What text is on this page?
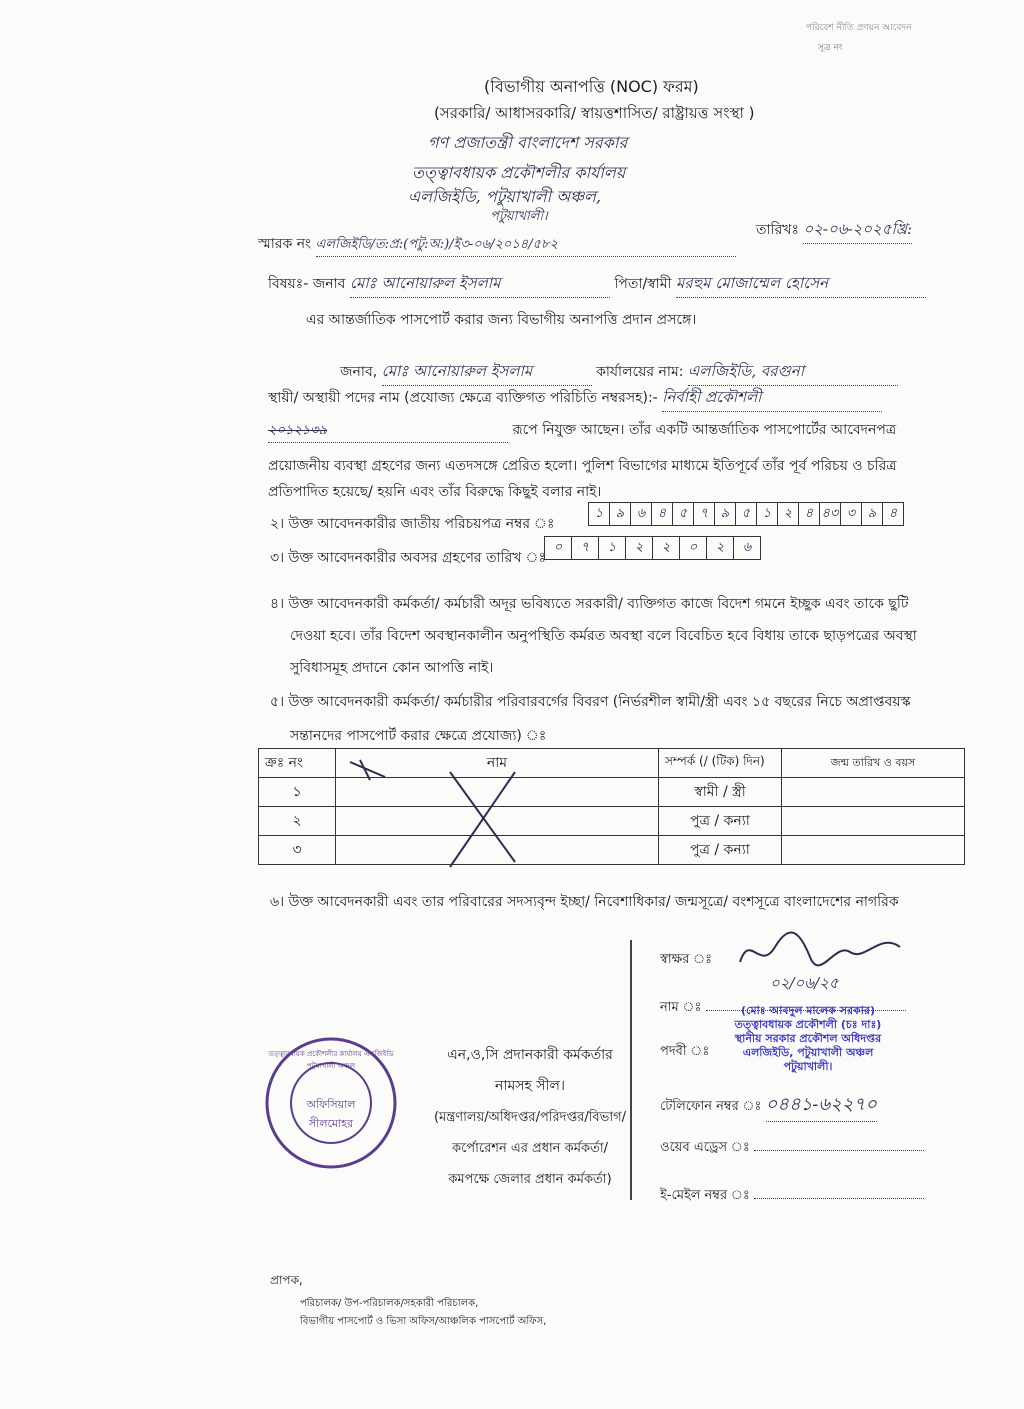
পরিবেশ নীতি প্রণয়ন আবেদন
সূত্র নং
(বিভাগীয় অনাপত্তি (NOC) ফরম)
(সরকারি/ আধাসরকারি/ স্বায়ত্তশাসিত/ রাষ্ট্রায়ত্ত সংস্থা )
গণ প্রজাতন্ত্রী বাংলাদেশ সরকার
তত্ত্বাবধায়ক প্রকৌশলীর কার্যালয়
এলজিইডি, পটুয়াখালী অঞ্চল,
পটুয়াখালী।
স্মারক নং এলজিইডি/ত:প্র:(পটু:অ:)/ই৩-০৬/২০১৪/৫৮২
তারিখঃ ০২-০৬-২০২৫খ্রি:
বিষয়ঃ- জনাব মোঃ আনোয়ারুল ইসলাম	পিতা/স্বামী মরহুম মোজাম্মেল হোসেন
এর আন্তর্জাতিক পাসপোর্ট করার জন্য বিভাগীয় অনাপত্তি প্রদান প্রসঙ্গে।
জনাব, মোঃ আনোয়ারুল ইসলাম	কার্যালয়ের নাম: এলজিইডি, বরগুনা
স্থায়ী/ অস্থায়ী পদের নাম (প্রযোজ্য ক্ষেত্রে ব্যক্তিগত পরিচিতি নম্বরসহ):- নির্বাহী প্রকৌশলী
২০১২১৩৯	রূপে নিযুক্ত আছেন। তাঁর একটি আন্তর্জাতিক পাসপোর্টের আবেদনপত্র
প্রয়োজনীয় ব্যবস্থা গ্রহণের জন্য এতদসঙ্গে প্রেরিত হলো। পুলিশ বিভাগের মাধ্যমে ইতিপূর্বে তাঁর পূর্ব পরিচয় ও চরিত্র
প্রতিপাদিত হয়েছে/ হয়নি এবং তাঁর বিরুদ্ধে কিছুই বলার নাই।
২। উক্ত আবেদনকারীর জাতীয় পরিচয়পত্র নম্বর ঃ
১ ৯ ৬ ৪ ৫ ৭ ৯ ৫ ১ ২ ৪ ৪৩ ৩ ৯ ৪
৩। উক্ত আবেদনকারীর অবসর গ্রহণের তারিখ ঃ
০	৭	১	২	২	০	২	৬
৪। উক্ত আবেদনকারী কর্মকর্তা/ কর্মচারী অদূর ভবিষ্যতে সরকারী/ ব্যক্তিগত কাজে বিদেশ গমনে ইচ্ছুক এবং তাকে ছুটি
দেওয়া হবে। তাঁর বিদেশ অবস্থানকালীন অনুপস্থিতি কর্মরত অবস্থা বলে বিবেচিত হবে বিধায় তাকে ছাড়পত্রের অবস্থা
সুবিধাসমূহ প্রদানে কোন আপত্তি নাই।
৫। উক্ত আবেদনকারী কর্মকর্তা/ কর্মচারীর পরিবারবর্গের বিবরণ (নির্ভরশীল স্বামী/স্ত্রী এবং ১৫ বছরের নিচে অপ্রাপ্তবয়স্ক
সন্তানদের পাসপোর্ট করার ক্ষেত্রে প্রযোজ্য) ঃ
ক্রঃ নং	নাম	সম্পর্ক (/ (টিক) দিন)	জন্ম তারিখ ও বয়স
১		স্বামী / স্ত্রী	
২		পুত্র / কন্যা	
৩		পুত্র / কন্যা	
৬। উক্ত আবেদনকারী এবং তার পরিবারের সদস্যবৃন্দ ইচ্ছা/ নিবেশাধিকার/ জন্মসূত্রে/ বংশসূত্রে বাংলাদেশের নাগরিক
স্বাক্ষর ঃ
০২/০৬/২৫
নাম ঃ	(মোঃ আবদুল মালেক সরকার)
তত্ত্বাবধায়ক প্রকৌশলী (চঃ দাঃ)
স্থানীয় সরকার প্রকৌশল অধিদপ্তর
এলজিইডি, পটুয়াখালী অঞ্চল
পটুয়াখালী।
পদবী ঃ
টেলিফোন নম্বর ঃ ০৪৪১-৬২২৭০
ওয়েব এড্রেস ঃ
ই-মেইল নম্বর ঃ
তত্ত্বাবধায়ক প্রকৌশলীর কার্যালয় এলজিইডি পটুয়াখালী অঞ্চল
অফিসিয়াল সীলমোহর
এন,ও,সি প্রদানকারী কর্মকর্তার
নামসহ সীল।
(মন্ত্রণালয়/অধিদপ্তর/পরিদপ্তর/বিভাগ/
কর্পোরেশন এর প্রধান কর্মকর্তা/
কমপক্ষে জেলার প্রধান কর্মকর্তা)
প্রাপক,
পরিচালক/ উপ-পরিচালক/সহকারী পরিচালক,
বিভাগীয় পাসপোর্ট ও ভিসা অফিস/আঞ্চলিক পাসপোর্ট অফিস,
